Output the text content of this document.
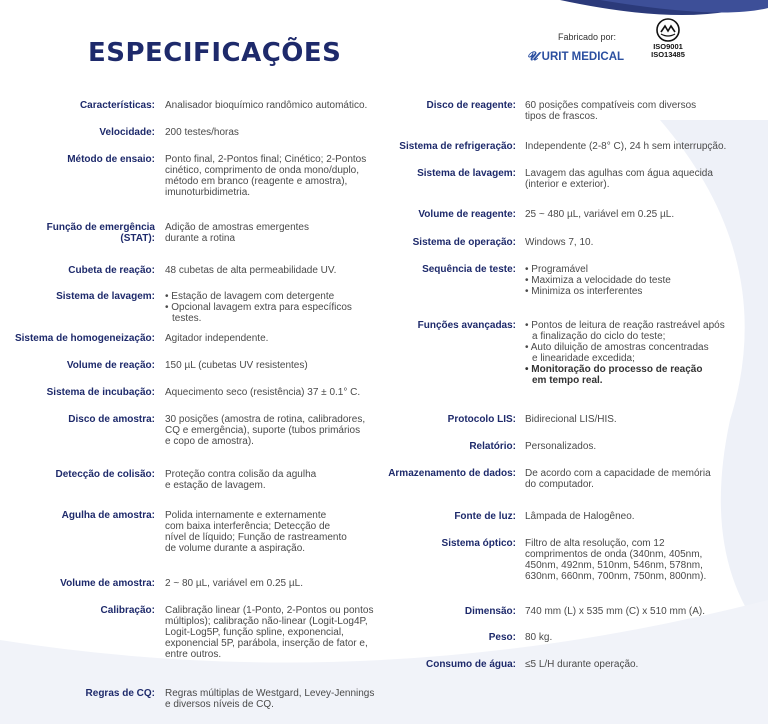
ESPECIFICAÇÕES
Fabricado por:
𝓤 URIT MEDICAL
ISO9001
ISO13485
Características: Analisador bioquímico randômico automático.
Velocidade: 200 testes/horas
Método de ensaio: Ponto final, 2-Pontos final; Cinético; 2-Pontos
cinético, comprimento de onda mono/duplo,
método em branco (reagente e amostra),
imunoturbidimetria.
Função de emergência
(STAT):
Adição de amostras emergentes
durante a rotina
Cubeta de reação: 48 cubetas de alta permeabilidade UV.
Sistema de lavagem: • Estação de lavagem com detergente
• Opcional lavagem extra para específicos testes.
Sistema de homogeneização: Agitador independente.
Volume de reação: 150 µL (cubetas UV resistentes)
Sistema de incubação: Aquecimento seco (resistência) 37 ± 0.1° C.
Disco de amostra: 30 posições (amostra de rotina, calibradores,
CQ e emergência), suporte (tubos primários
e copo de amostra).
Detecção de colisão: Proteção contra colisão da agulha
e estação de lavagem.
Agulha de amostra: Polida internamente e externamente
com baixa interferência; Detecção de
nível de líquido; Função de rastreamento
de volume durante a aspiração.
Volume de amostra: 2 ~ 80 µL, variável em 0.25 µL.
Calibração: Calibração linear (1-Ponto, 2-Pontos ou pontos
múltiplos); calibração não-linear (Logit-Log4P,
Logit-Log5P, função spline, exponencial,
exponencial 5P, parábola, inserção de fator e,
entre outros.
Regras de CQ: Regras múltiplas de Westgard, Levey-Jennings
e diversos níveis de CQ.
Disco de reagente: 60 posições compatíveis com diversos
tipos de frascos.
Sistema de refrigeração: Independente (2-8° C), 24 h sem interrupção.
Sistema de lavagem: Lavagem das agulhas com água aquecida
(interior e exterior).
Volume de reagente: 25 ~ 480 µL, variável em 0.25 µL.
Sistema de operação: Windows 7, 10.
Sequência de teste: • Programável
• Maximiza a velocidade do teste
• Minimiza os interferentes
Funções avançadas: • Pontos de leitura de reação rastreável após
a finalização do ciclo do teste;
• Auto diluição de amostras concentradas
e linearidade excedida;
• Monitoração do processo de reação
em tempo real.
Protocolo LIS: Bidirecional LIS/HIS.
Relatório: Personalizados.
Armazenamento de dados: De acordo com a capacidade de memória
do computador.
Fonte de luz: Lâmpada de Halogêneo.
Sistema óptico: Filtro de alta resolução, com 12
comprimentos de onda (340nm, 405nm,
450nm, 492nm, 510nm, 546nm, 578nm,
630nm, 660nm, 700nm, 750nm, 800nm).
Dimensão: 740 mm (L) x 535 mm (C) x 510 mm (A).
Peso: 80 kg.
Consumo de água: ≤5 L/H durante operação.
